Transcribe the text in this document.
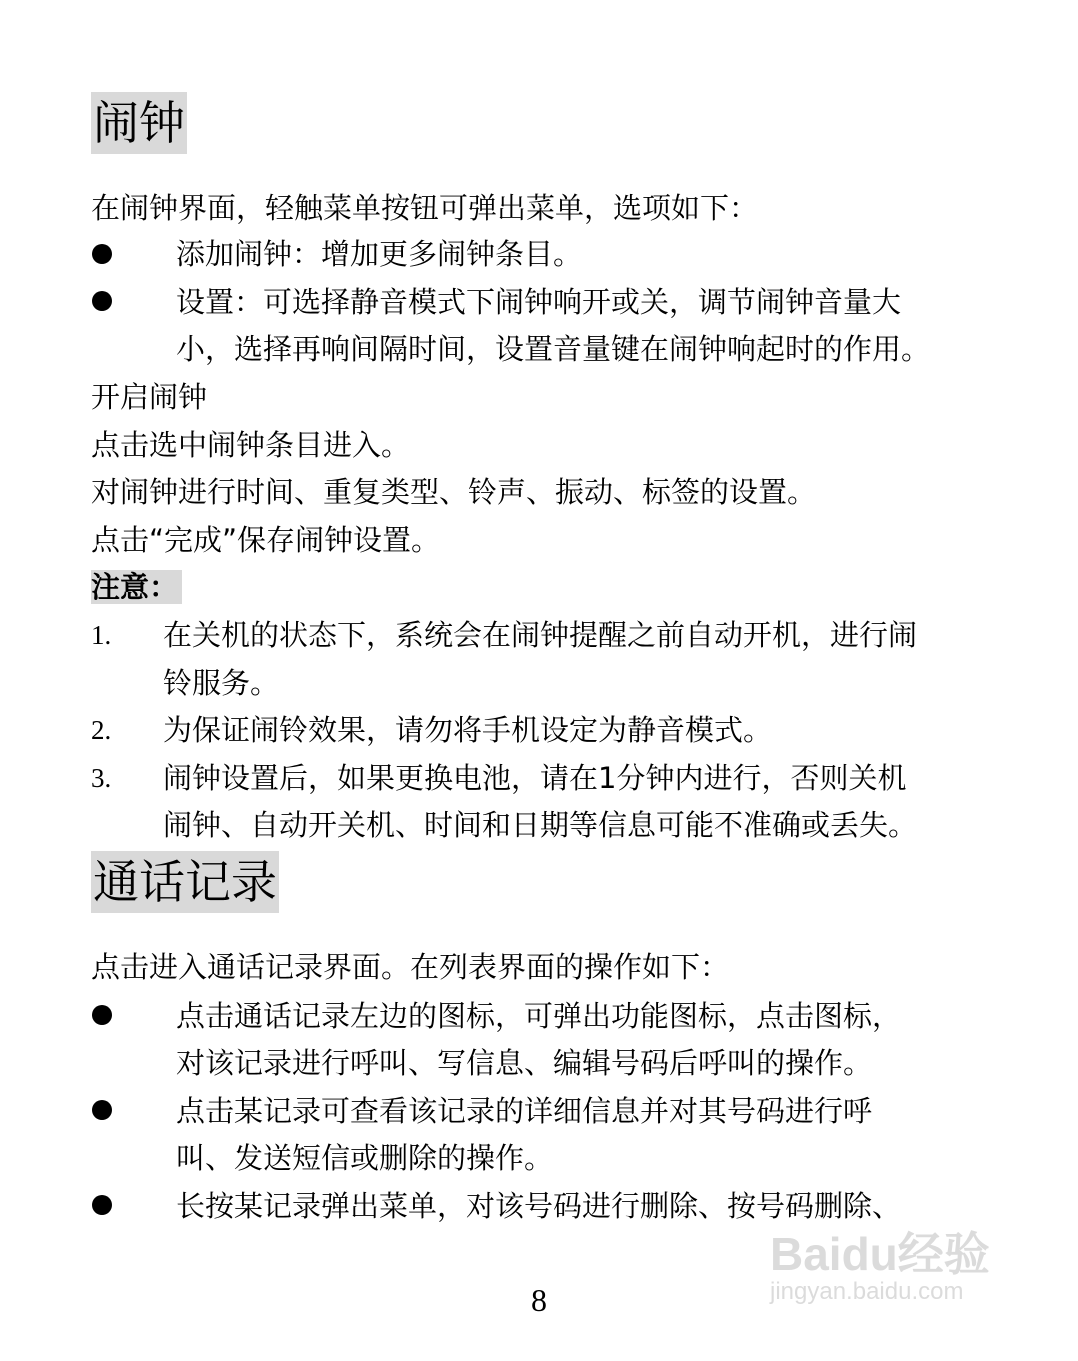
闹钟
在闹钟界面，轻触菜单按钮可弹出菜单，选项如下：
添加闹钟：增加更多闹钟条目。
设置：可选择静音模式下闹钟响开或关，调节闹钟音量大
小，选择再响间隔时间，设置音量键在闹钟响起时的作用。
开启闹钟
点击选中闹钟条目进入。
对闹钟进行时间、重复类型、铃声、振动、标签的设置。
点击“完成”保存闹钟设置。
注意：
1. 在关机的状态下，系统会在闹钟提醒之前自动开机，进行闹
铃服务。
2. 为保证闹铃效果，请勿将手机设定为静音模式。
3. 闹钟设置后，如果更换电池，请在1分钟内进行，否则关机
闹钟、自动开关机、时间和日期等信息可能不准确或丢失。
通话记录
点击进入通话记录界面。在列表界面的操作如下：
点击通话记录左边的图标，可弹出功能图标，点击图标，
对该记录进行呼叫、写信息、编辑号码后呼叫的操作。
点击某记录可查看该记录的详细信息并对其号码进行呼
叫、发送短信或删除的操作。
长按某记录弹出菜单，对该号码进行删除、按号码删除、
Baidu经验
jingyan.baidu.com
8
